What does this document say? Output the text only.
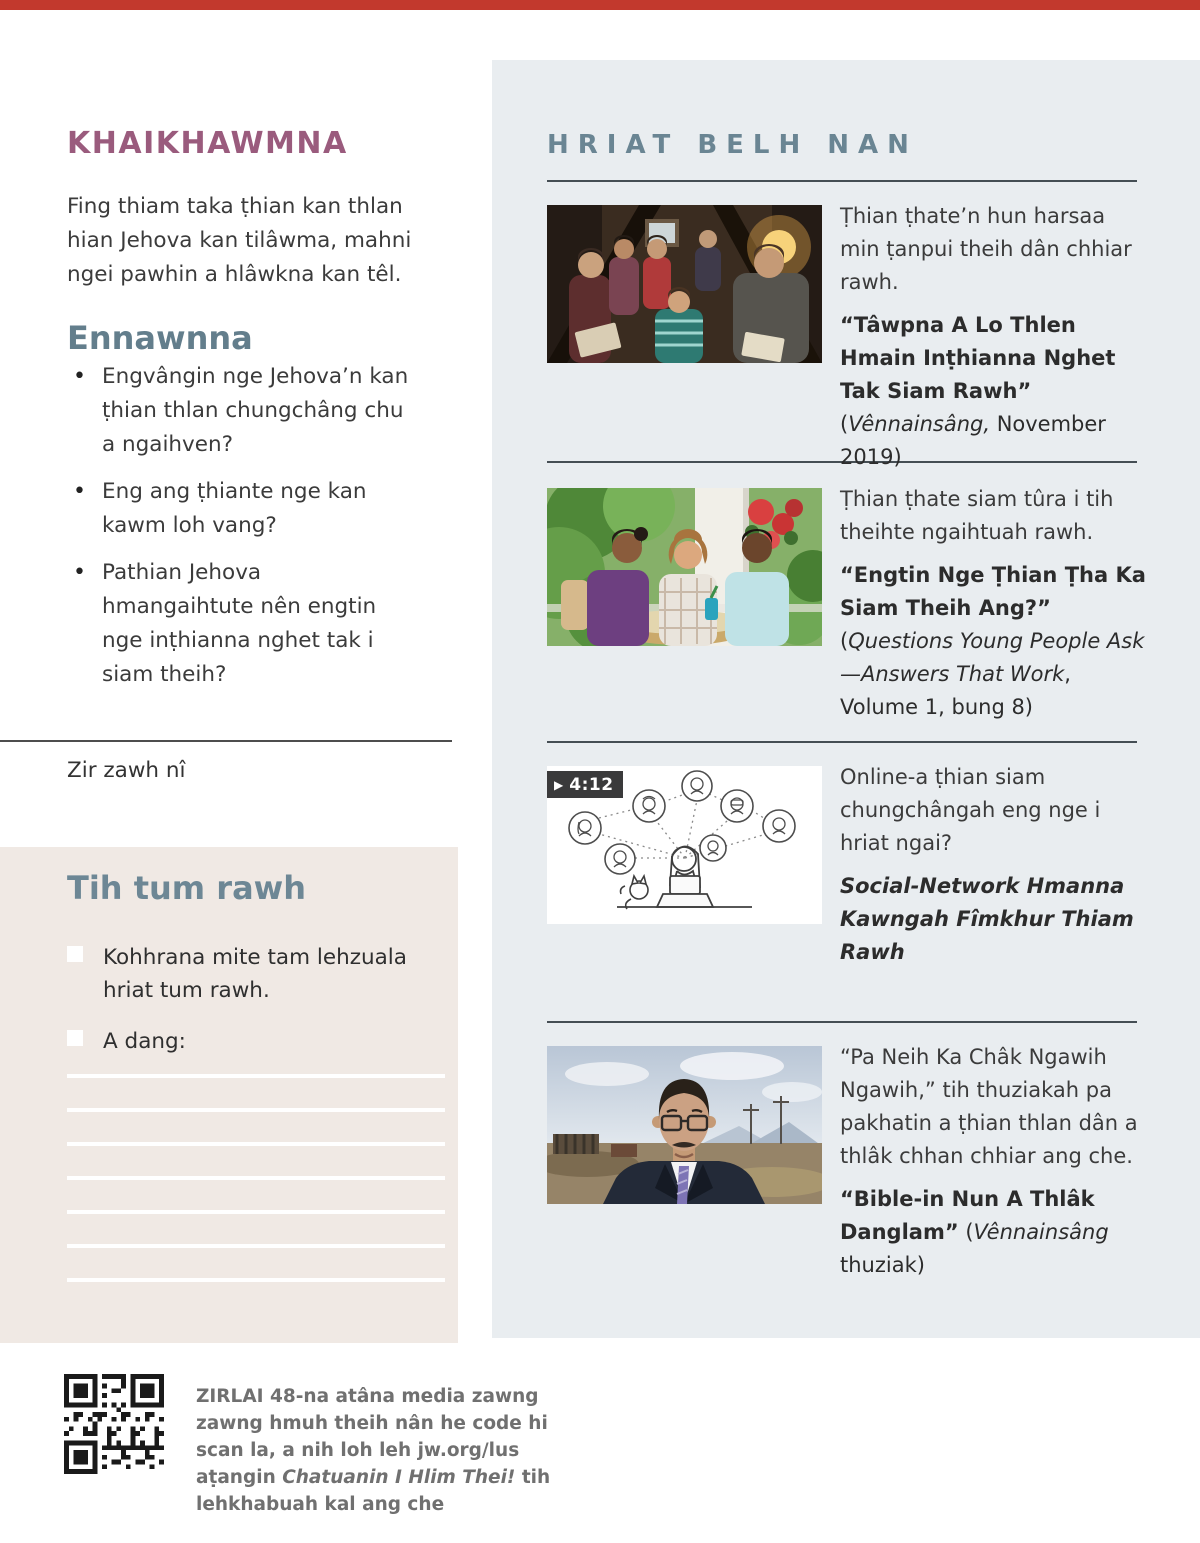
KHAIKHAWMNA

Fing thiam taka ṭhian kan thlan hian Jehova kan tilâwma, mahni ngei pawhin a hlâwkna kan têl.

Ennawnna
• Engvângin nge Jehova’n kan ṭhian thlan chungchâng chu a ngaihven?
• Eng ang ṭhiante nge kan kawm loh vang?
• Pathian Jehova hmangaihtute nên engtin nge inṭhianna nghet tak i siam theih?
Zir zawh nî
Tih tum rawh
Kohhrana mite tam lehzuala hriat tum rawh.
A dang:
HRIAT BELH NAN

Ṭhian ṭhate’n hun harsaa min ṭanpui theih dân chhiar rawh.

“Tâwpna A Lo Thlen Hmain Inṭhianna Nghet Tak Siam Rawh” (Vênnainsâng, November 2019)

Ṭhian ṭhate siam tûra i tih theihte ngaihtuah rawh.

“Engtin Nge Ṭhian Ṭha Ka Siam Theih Ang?” (Questions Young People Ask—Answers That Work, Volume 1, bung 8)

▶ 4:12	Online-a ṭhian siam chungchângah eng nge i hriat ngai?

Social-Network Hmanna Kawngah Fîmkhur Thiam Rawh

“Pa Neih Ka Châk Ngawih Ngawih,” tih thuziakah pa pakhatin a ṭhian thlan dân a thlâk chhan chhiar ang che.

“Bible-in Nun A Thlâk Danglam” (Vênnainsâng thuziak)

ZIRLAI 48-na atâna media zawng zawng hmuh theih nân he code hi scan la, a nih loh leh jw.org/lus aṭangin Chatuanin I Hlim Thei! tih lehkhabuah kal ang che
